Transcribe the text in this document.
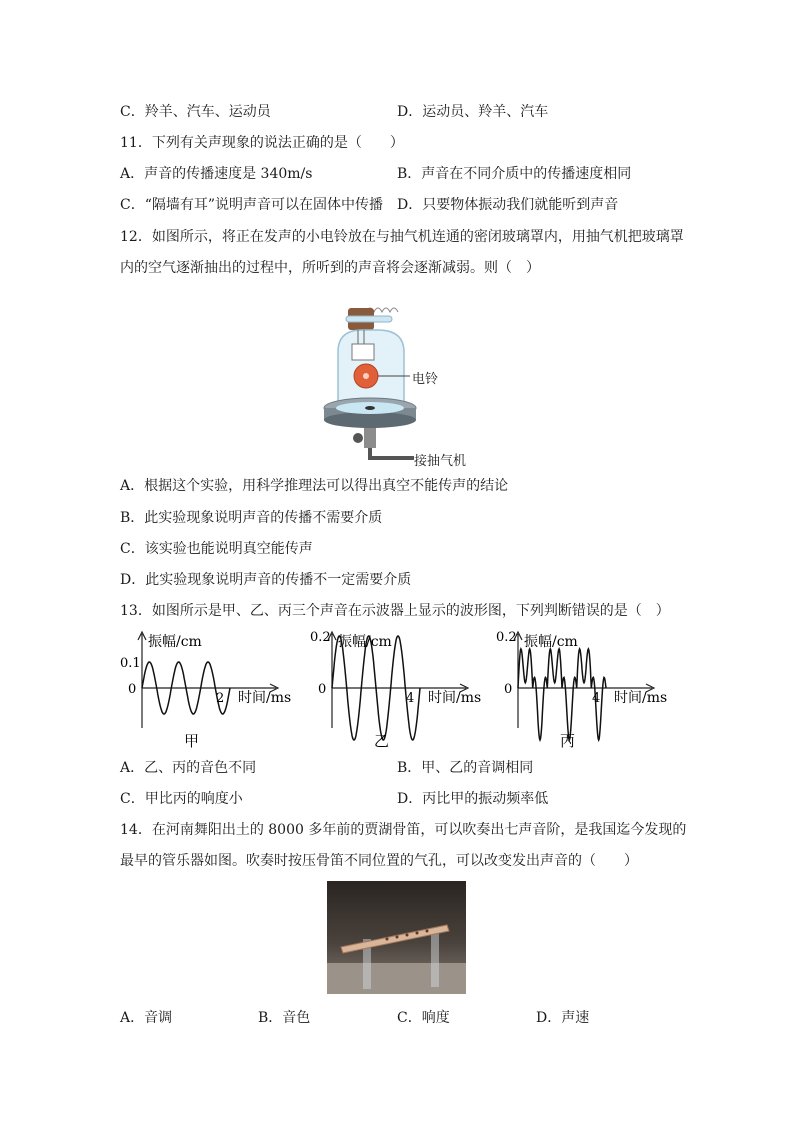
C．羚羊、汽车、运动员	D．运动员、羚羊、汽车
11．下列有关声现象的说法正确的是（　　）
A．声音的传播速度是 340m/s	B．声音在不同介质中的传播速度相同
C．“隔墙有耳”说明声音可以在固体中传播 D．只要物体振动我们就能听到声音
12．如图所示，将正在发声的小电铃放在与抽气机连通的密闭玻璃罩内，用抽气机把玻璃罩
内的空气逐渐抽出的过程中，所听到的声音将会逐渐减弱。则（　）
电铃
接抽气机
A．根据这个实验，用科学推理法可以得出真空不能传声的结论
B．此实验现象说明声音的传播不需要介质
C．该实验也能说明真空能传声
D．此实验现象说明声音的传播不一定需要介质
13．如图所示是甲、乙、丙三个声音在示波器上显示的波形图，下列判断错误的是（　）
振幅/cm
时间/ms
0.1
0
2
甲
振幅/cm
时间/ms
0.2
0
4
乙
振幅/cm
时间/ms
0.2
0
4
丙
A．乙、丙的音色不同	B．甲、乙的音调相同
C．甲比丙的响度小	D．丙比甲的振动频率低
14．在河南舞阳出土的 8000 多年前的贾湖骨笛，可以吹奏出七声音阶，是我国迄今发现的
最早的管乐器如图。吹奏时按压骨笛不同位置的气孔，可以改变发出声音的（　　）
A．音调	B．音色	C．响度	D．声速
